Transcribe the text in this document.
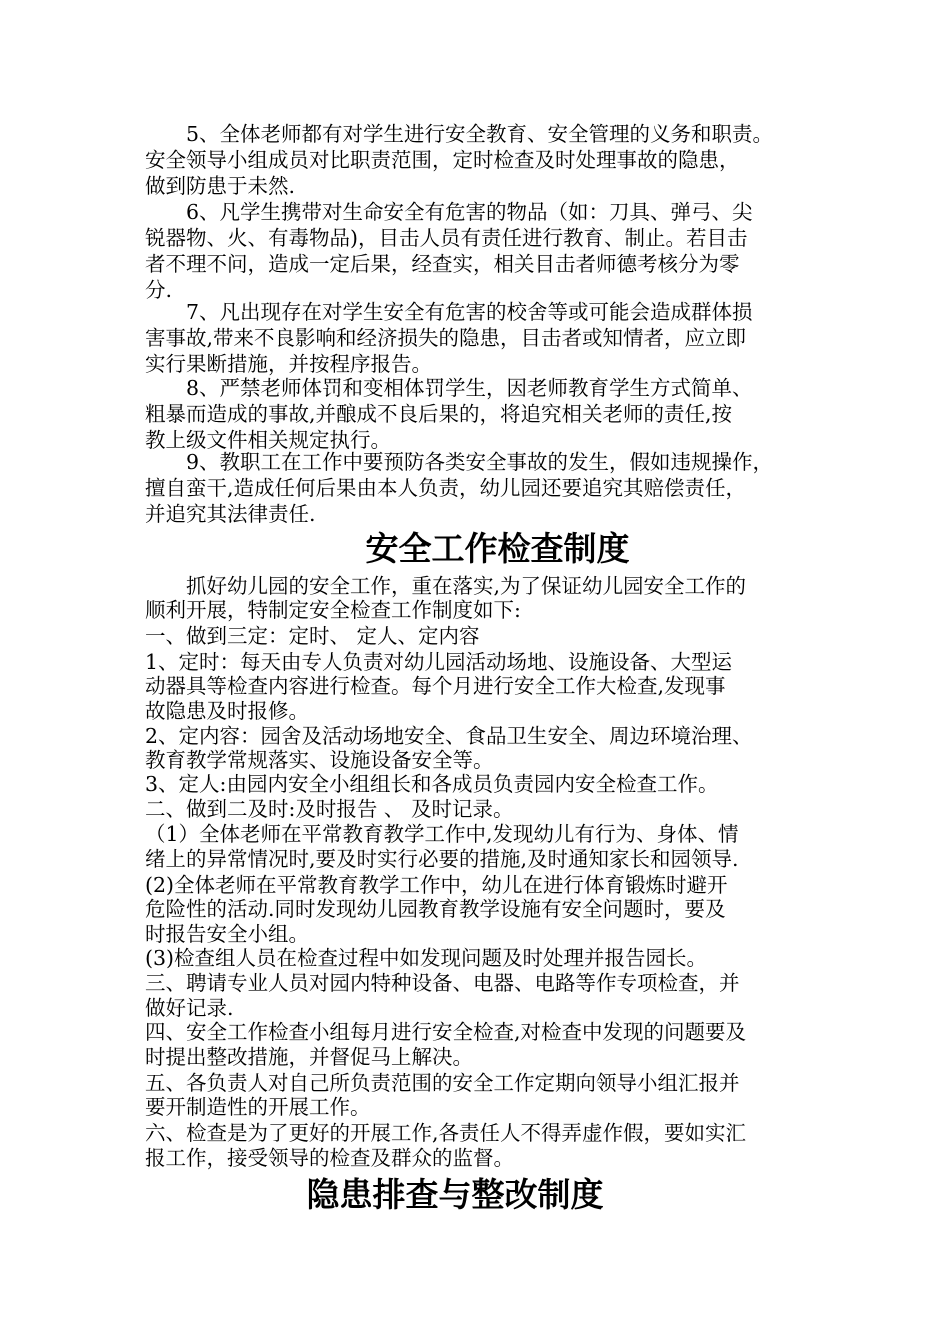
　　5、全体老师都有对学生进行安全教育、安全管理的义务和职责。
安全领导小组成员对比职责范围，定时检查及时处理事故的隐患，
做到防患于未然.
　　6、凡学生携带对生命安全有危害的物品（如：刀具、弹弓、尖
锐器物、火、有毒物品)，目击人员有责任进行教育、制止。若目击
者不理不问，造成一定后果，经查实，相关目击者师德考核分为零
分.
　　7、凡出现存在对学生安全有危害的校舍等或可能会造成群体损
害事故,带来不良影响和经济损失的隐患，目击者或知情者，应立即
实行果断措施，并按程序报告。
　　8、严禁老师体罚和变相体罚学生，因老师教育学生方式简单、
粗暴而造成的事故,并酿成不良后果的，将追究相关老师的责任,按
教上级文件相关规定执行。
　　9、教职工在工作中要预防各类安全事故的发生，假如违规操作，
擅自蛮干,造成任何后果由本人负责，幼儿园还要追究其赔偿责任，
并追究其法律责任.
安全工作检查制度
　　抓好幼儿园的安全工作，重在落实,为了保证幼儿园安全工作的
顺利开展，特制定安全检查工作制度如下:
一、做到三定：定时、 定人、定内容
1、定时：每天由专人负责对幼儿园活动场地、设施设备、大型运
动器具等检查内容进行检查。每个月进行安全工作大检查,发现事
故隐患及时报修。
2、定内容：园舍及活动场地安全、食品卫生安全、周边环境治理、
教育教学常规落实、设施设备安全等。
3、定人:由园内安全小组组长和各成员负责园内安全检查工作。
二、做到二及时:及时报告 、 及时记录。
（1）全体老师在平常教育教学工作中,发现幼儿有行为、身体、情
绪上的异常情况时,要及时实行必要的措施,及时通知家长和园领导.
(2)全体老师在平常教育教学工作中，幼儿在进行体育锻炼时避开
危险性的活动.同时发现幼儿园教育教学设施有安全问题时，要及
时报告安全小组。
(3)检查组人员在检查过程中如发现问题及时处理并报告园长。
三、聘请专业人员对园内特种设备、电器、电路等作专项检查，并
做好记录.
四、安全工作检查小组每月进行安全检查,对检查中发现的问题要及
时提出整改措施，并督促马上解决。
五、各负责人对自己所负责范围的安全工作定期向领导小组汇报并
要开制造性的开展工作。
六、检查是为了更好的开展工作,各责任人不得弄虚作假，要如实汇
报工作，接受领导的检查及群众的监督。
隐患排查与整改制度
